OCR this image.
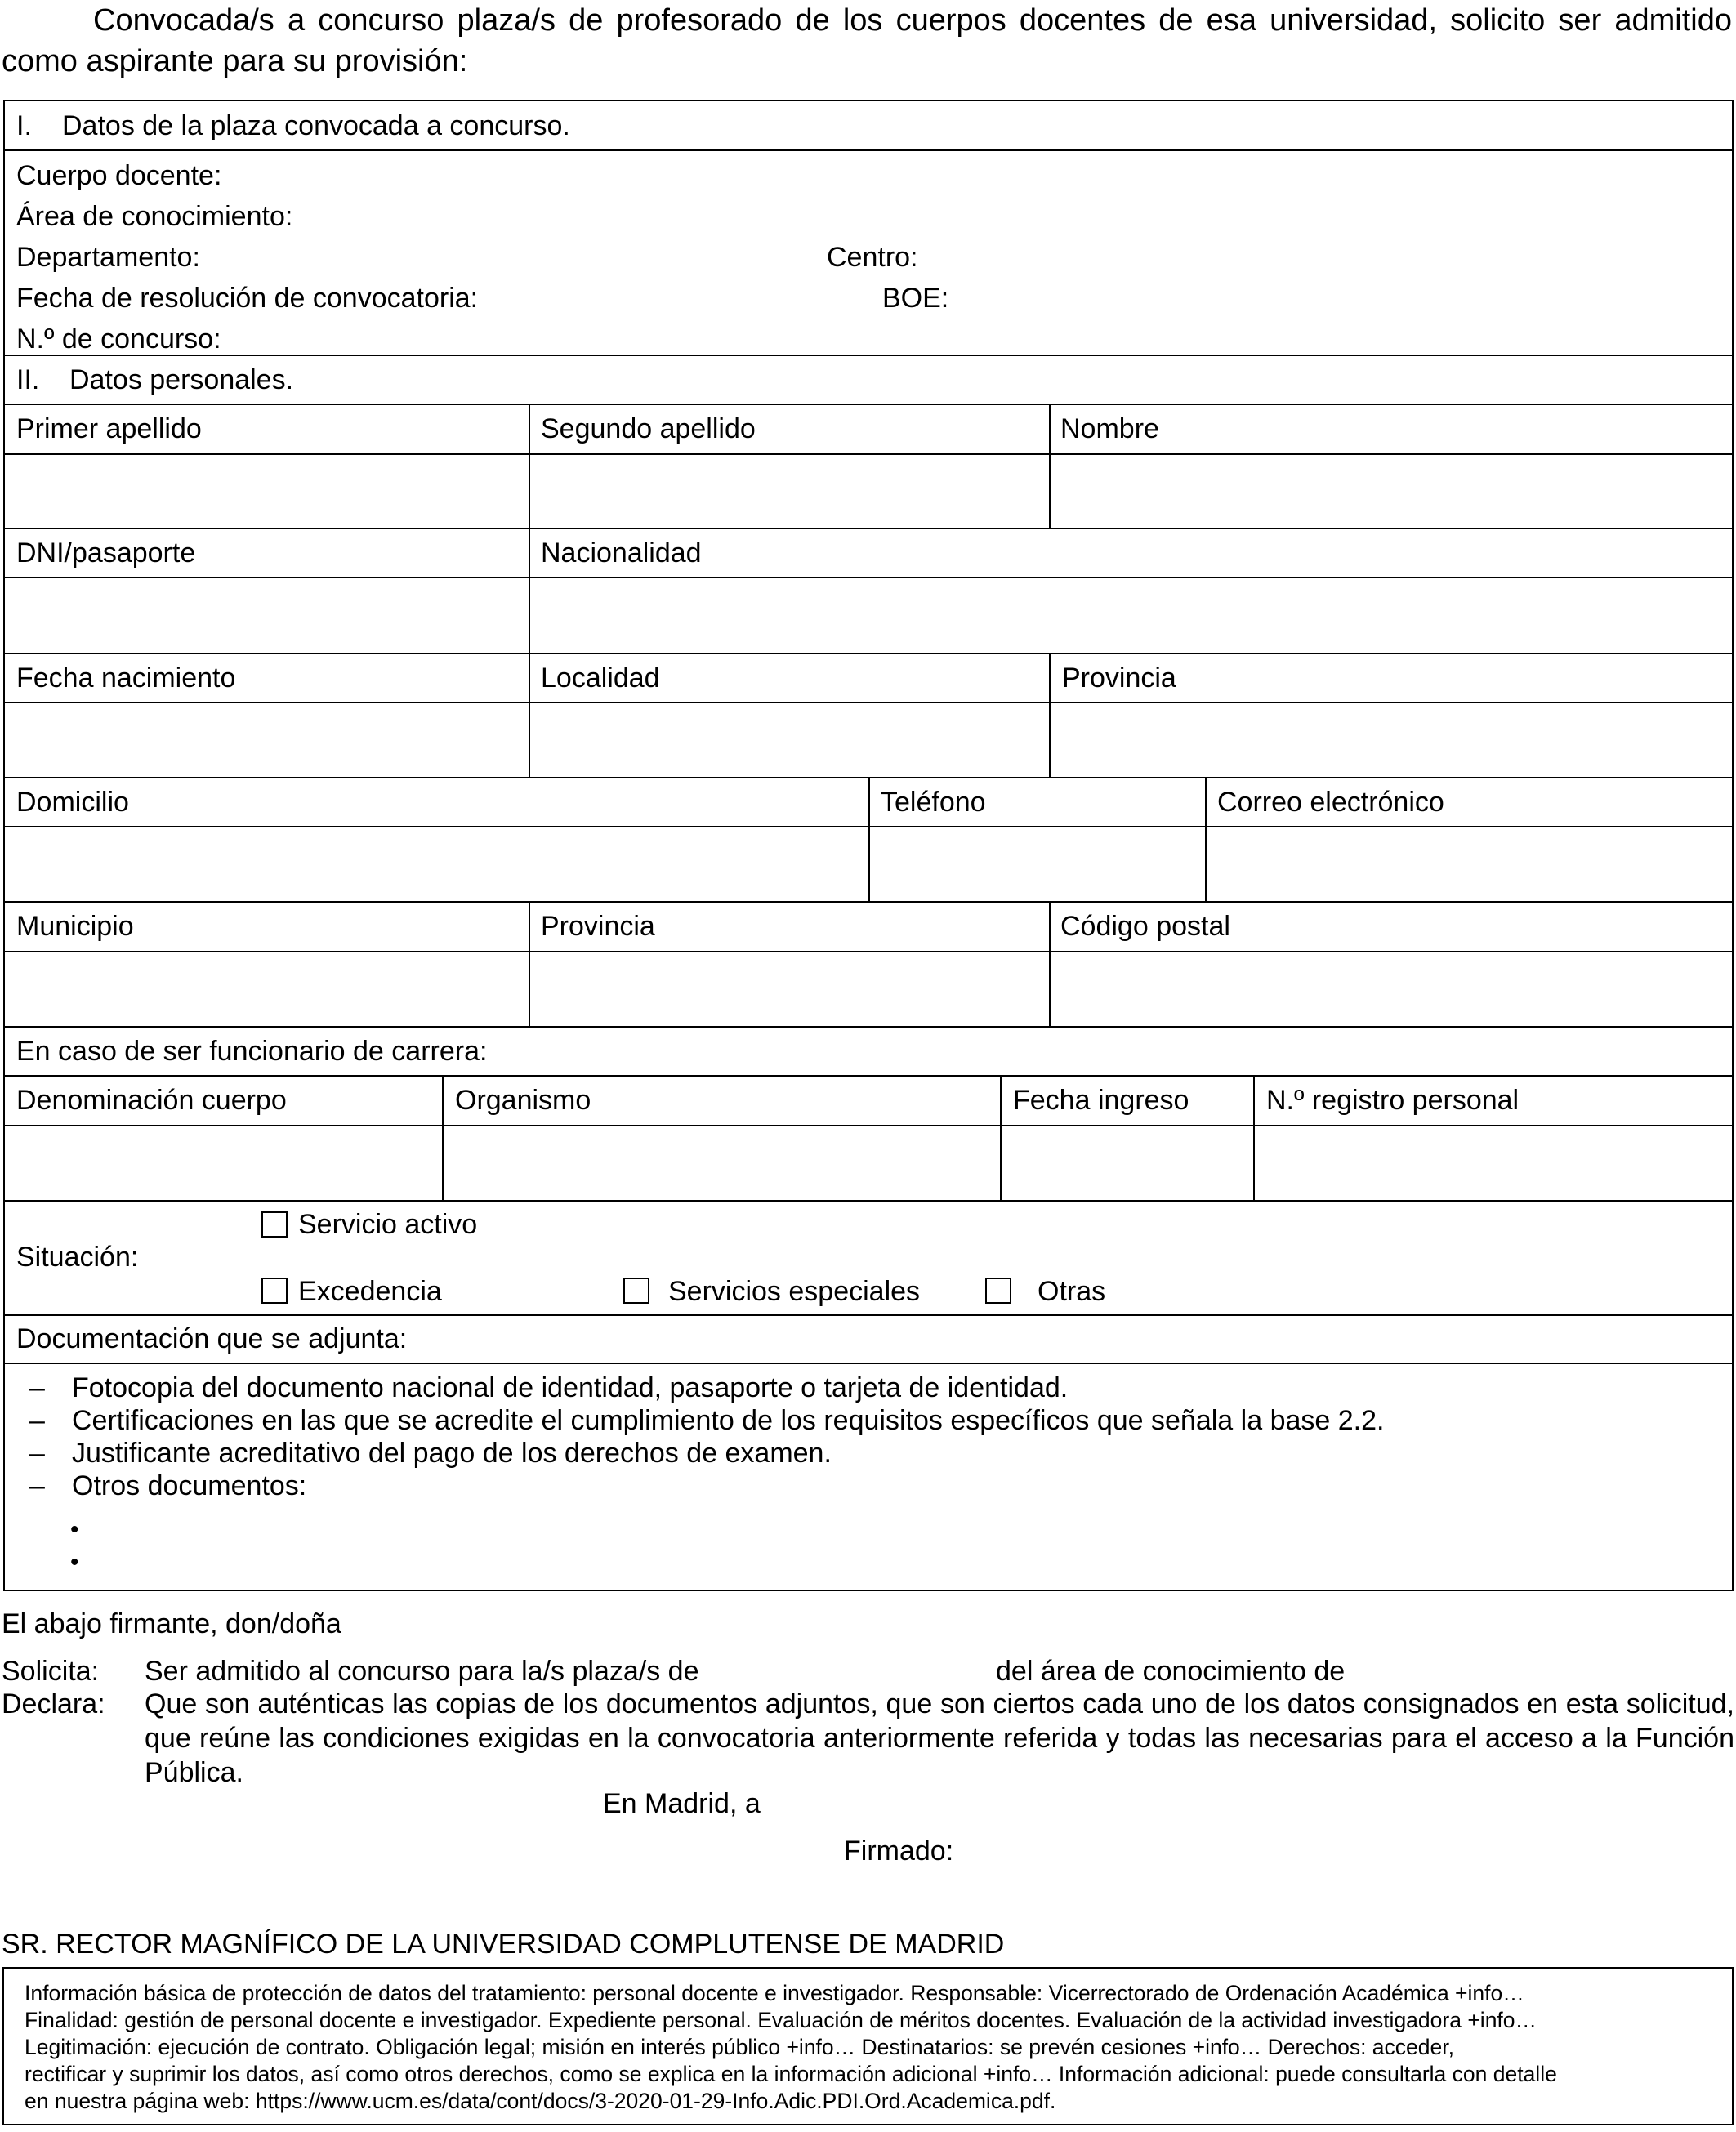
Convocada/s a concurso plaza/s de profesorado de los cuerpos docentes de esa universidad, solicito ser admitido como aspirante para su provisión:
I. Datos de la plaza convocada a concurso.
Cuerpo docente:
Área de conocimiento:
Departamento:	Centro:
Fecha de resolución de convocatoria:	BOE:
N.º de concurso:
II. Datos personales.
Primer apellido	Segundo apellido	Nombre
DNI/pasaporte	Nacionalidad
Fecha nacimiento	Localidad	Provincia
Domicilio	Teléfono	Correo electrónico
Municipio	Provincia	Código postal
En caso de ser funcionario de carrera:
Denominación cuerpo	Organismo	Fecha ingreso	N.º registro personal
Situación:
Servicio activo
Excedencia	Servicios especiales	Otras
Documentación que se adjunta:
– Fotocopia del documento nacional de identidad, pasaporte o tarjeta de identidad.
– Certificaciones en las que se acredite el cumplimiento de los requisitos específicos que señala la base 2.2.
– Justificante acreditativo del pago de los derechos de examen.
– Otros documentos:
•
•
El abajo firmante, don/doña
Solicita: Ser admitido al concurso para la/s plaza/s de	del área de conocimiento de
Declara: Que son auténticas las copias de los documentos adjuntos, que son ciertos cada uno de los datos consignados en esta solicitud, que reúne las condiciones exigidas en la convocatoria anteriormente referida y todas las necesarias para el acceso a la Función Pública.
En Madrid, a
Firmado:
SR. RECTOR MAGNÍFICO DE LA UNIVERSIDAD COMPLUTENSE DE MADRID
Información básica de protección de datos del tratamiento: personal docente e investigador. Responsable: Vicerrectorado de Ordenación Académica +info…
Finalidad: gestión de personal docente e investigador. Expediente personal. Evaluación de méritos docentes. Evaluación de la actividad investigadora +info…
Legitimación: ejecución de contrato. Obligación legal; misión en interés público +info… Destinatarios: se prevén cesiones +info… Derechos: acceder,
rectificar y suprimir los datos, así como otros derechos, como se explica en la información adicional +info… Información adicional: puede consultarla con detalle
en nuestra página web: https://www.ucm.es/data/cont/docs/3-2020-01-29-Info.Adic.PDI.Ord.Academica.pdf.
